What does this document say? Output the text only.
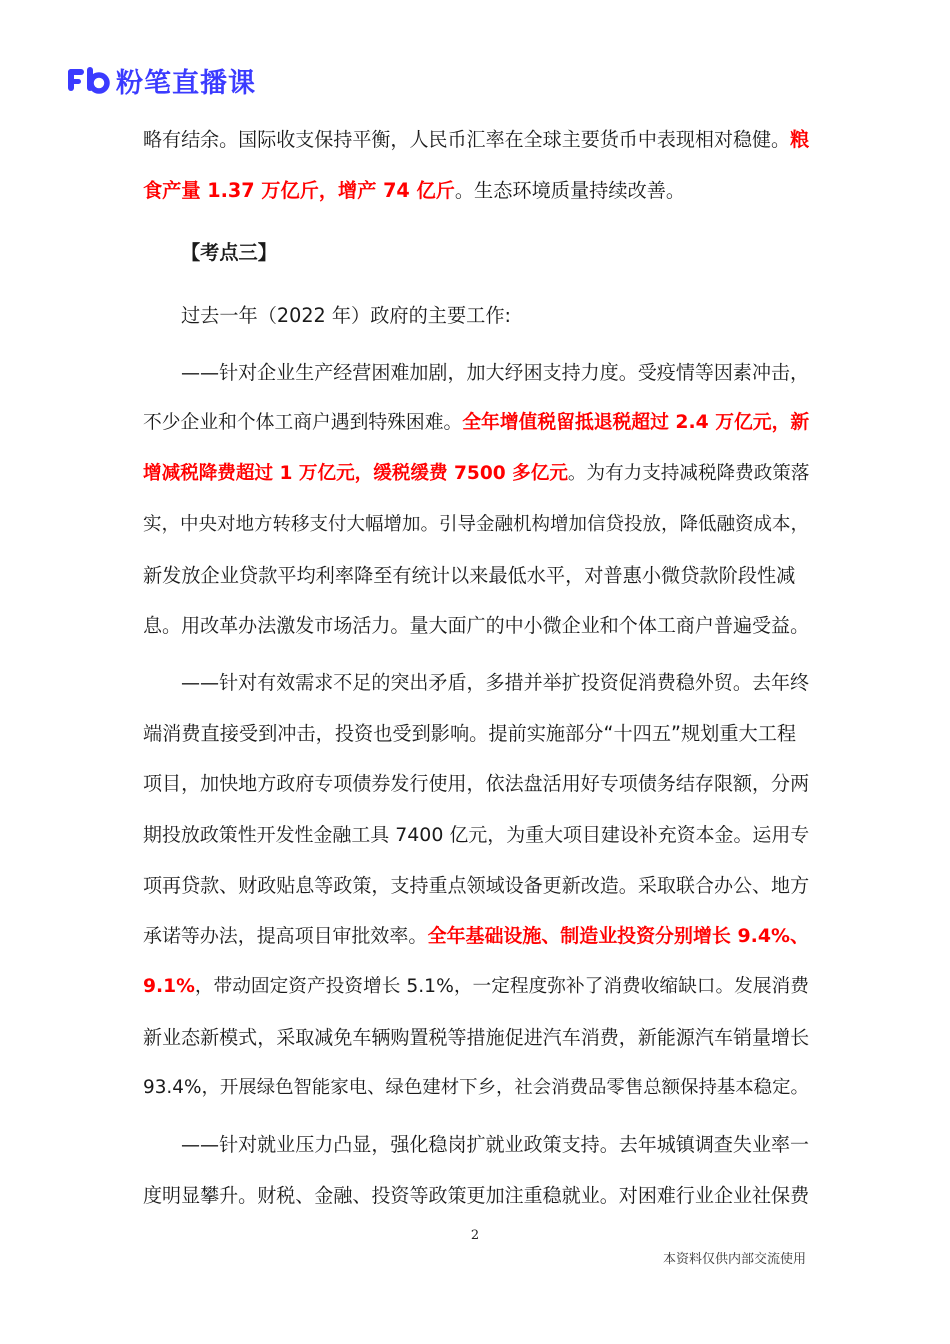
粉笔直播课
略有结余。国际收支保持平衡，人民币汇率在全球主要货币中表现相对稳健。 粮
食产量 1.37 万亿斤，增产 74 亿斤。生态环境质量持续改善。
【考点三】
过去一年（2022 年）政府的主要工作:
——针对企业生产经营困难加剧，加大纾困支持力度。受疫情等因素冲击，
不少企业和个体工商户遇到特殊困难。 全年增值税留抵退税超过 2.4 万亿元，新
增减税降费超过 1 万亿元，缓税缓费 7500 多亿元。为有力支持减税降费政策落
实，中央对地方转移支付大幅增加。引导金融机构增加信贷投放，降低融资成本，
新发放企业贷款平均利率降至有统计以来最低水平，对普惠小微贷款阶段性减
息。用改革办法激发市场活力。量大面广的中小微企业和个体工商户普遍受益。
——针对有效需求不足的突出矛盾，多措并举扩投资促消费稳外贸。去年终
端消费直接受到冲击，投资也受到影响。提前实施部分“十四五”规划重大工程
项目，加快地方政府专项债券发行使用，依法盘活用好专项债务结存限额，分两
期投放政策性开发性金融工具 7400 亿元，为重大项目建设补充资本金。运用专
项再贷款、财政贴息等政策，支持重点领域设备更新改造。采取联合办公、地方
承诺等办法，提高项目审批效率。 全年基础设施、制造业投资分别增长 9.4%、
9.1%，带动固定资产投资增长 5.1%，一定程度弥补了消费收缩缺口。发展消费
新业态新模式，采取减免车辆购置税等措施促进汽车消费，新能源汽车销量增长
93.4%，开展绿色智能家电、绿色建材下乡，社会消费品零售总额保持基本稳定。
——针对就业压力凸显，强化稳岗扩就业政策支持。去年城镇调查失业率一
度明显攀升。财税、金融、投资等政策更加注重稳就业。对困难行业企业社保费
2
本资料仅供内部交流使用
